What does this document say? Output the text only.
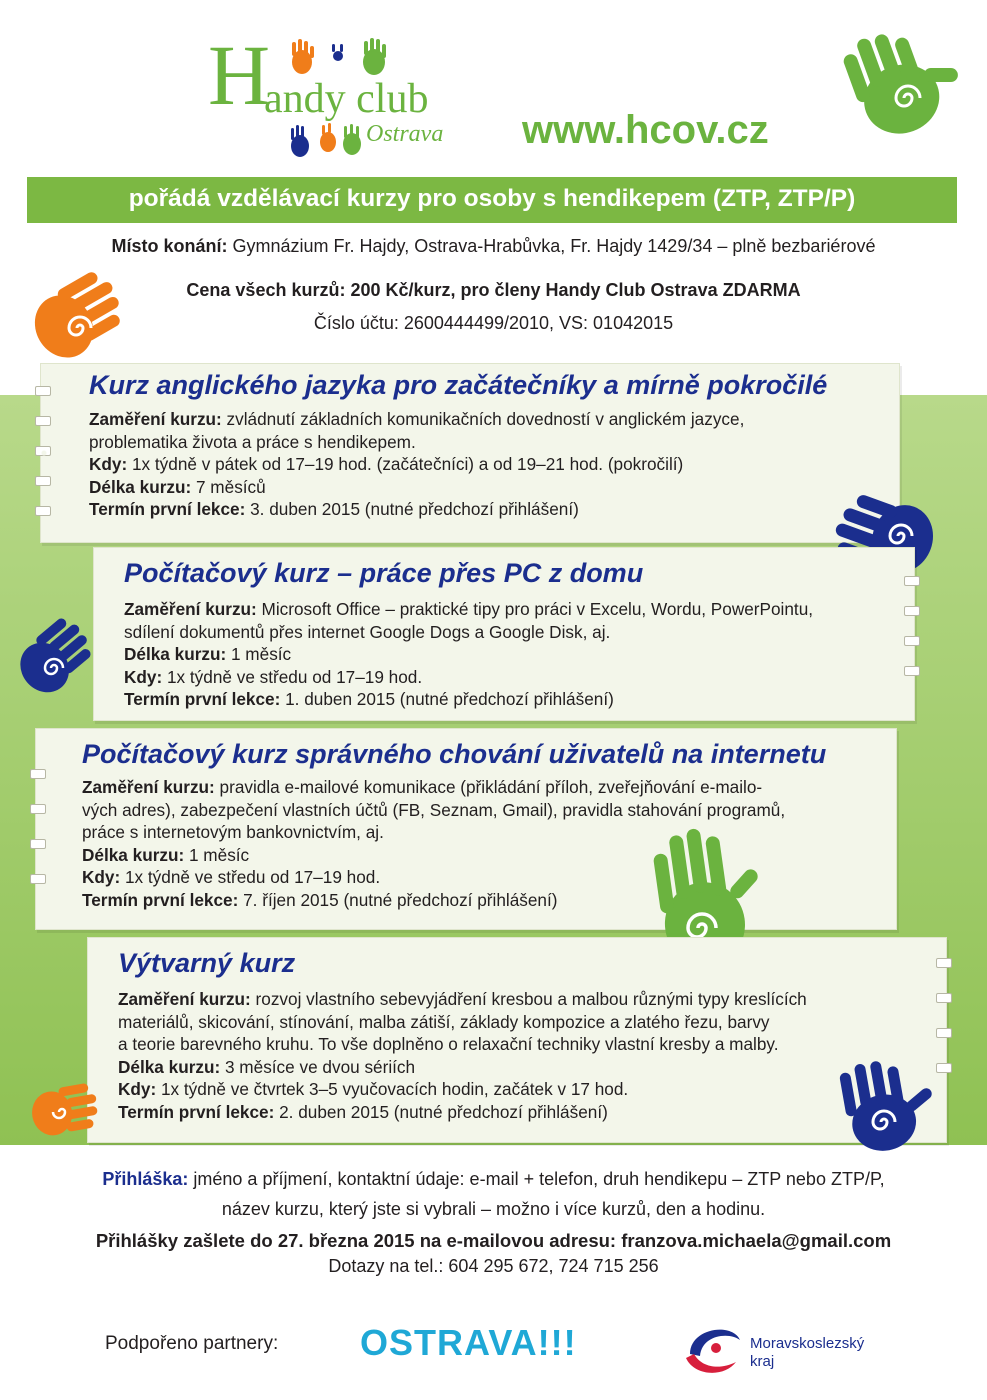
H
andy club
Ostrava www.hcov.cz
pořádá vzdělávací kurzy pro osoby s hendikepem (ZTP, ZTP/P)
Místo konání: Gymnázium Fr. Hajdy, Ostrava-Hrabůvka, Fr. Hajdy 1429/34 – plně bezbariérové
Cena všech kurzů: 200 Kč/kurz, pro členy Handy Club Ostrava ZDARMA
Číslo účtu: 2600444499/2010, VS: 01042015
Kurz anglického jazyka pro začátečníky a mírně pokročilé
Zaměření kurzu: zvládnutí základních komunikačních dovedností v anglickém jazyce,
problematika života a práce s hendikepem.
Kdy: 1x týdně v pátek od 17–19 hod. (začátečníci) a od 19–21 hod. (pokročilí)
Délka kurzu: 7 měsíců
Termín první lekce: 3. duben 2015 (nutné předchozí přihlášení)
Počítačový kurz – práce přes PC z domu
Zaměření kurzu: Microsoft Office – praktické tipy pro práci v Excelu, Wordu, PowerPointu,
sdílení dokumentů přes internet Google Dogs a Google Disk, aj.
Délka kurzu: 1 měsíc
Kdy: 1x týdně ve středu od 17–19 hod.
Termín první lekce: 1. duben 2015 (nutné předchozí přihlášení)
Počítačový kurz správného chování uživatelů na internetu
Zaměření kurzu: pravidla e-mailové komunikace (přikládání příloh, zveřejňování e-mailo-
vých adres), zabezpečení vlastních účtů (FB, Seznam, Gmail), pravidla stahování programů,
práce s internetovým bankovnictvím, aj.
Délka kurzu: 1 měsíc
Kdy: 1x týdně ve středu od 17–19 hod.
Termín první lekce: 7. říjen 2015 (nutné předchozí přihlášení)
Výtvarný kurz
Zaměření kurzu: rozvoj vlastního sebevyjádření kresbou a malbou různými typy kreslících
materiálů, skicování, stínování, malba zátiší, základy kompozice a zlatého řezu, barvy
a teorie barevného kruhu. To vše doplněno o relaxační techniky vlastní kresby a malby.
Délka kurzu: 3 měsíce ve dvou sériích
Kdy: 1x týdně ve čtvrtek 3–5 vyučovacích hodin, začátek v 17 hod.
Termín první lekce: 2. duben 2015 (nutné předchozí přihlášení)
Přihláška: jméno a příjmení, kontaktní údaje: e-mail + telefon, druh hendikepu – ZTP nebo ZTP/P,
název kurzu, který jste si vybrali – možno i více kurzů, den a hodinu.
Přihlášky zašlete do 27. března 2015 na e-mailovou adresu: franzova.michaela@gmail.com
Dotazy na tel.: 604 295 672, 724 715 256
Podpořeno partnery: OSTRAVA!!!	Moravskoslezský
kraj
